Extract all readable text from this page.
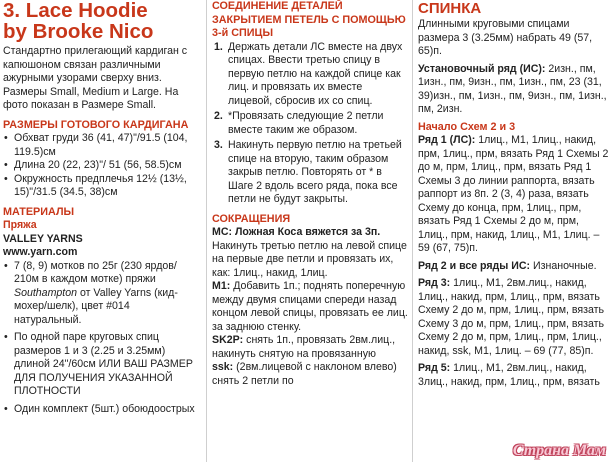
3. Lace Hoodie
by Brooke Nico

Стандартно прилегающий кардиган с капюшоном связан различными ажурными узорами сверху вниз. Размеры Small, Medium и Large. На фото показан в Размере Small.

РАЗМЕРЫ ГОТОВОГО КАРДИГАНА
• Обхват груди 36 (41, 47)"/91.5 (104, 119.5)см
• Длина 20 (22, 23)"/ 51 (56, 58.5)см
• Окружность предплечья 12½ (13½, 15)"/31.5 (34.5, 38)см
МАТЕРИАЛЫ
Пряжа
VALLEY YARNS
www.yarn.com
• 7 (8, 9) мотков по 25г (230 ярдов/ 210м в каждом мотке) пряжи Southampton от Valley Yarns (кид-мохер/шелк), цвет #014 натуральный.
• По одной паре круговых спиц размеров 1 и 3 (2.25 и 3.25мм) длиной 24"/60см ИЛИ ВАШ РАЗМЕР ДЛЯ ПОЛУЧЕНИЯ УКАЗАННОЙ ПЛОТНОСТИ
• Один комплект (5шт.) обоюдоострых
СОЕДИНЕНИЕ ДЕТАЛЕЙ ЗАКРЫТИЕМ ПЕТЕЛЬ С ПОМОЩЬЮ 3-й СПИЦЫ
1. Держать детали ЛС вместе на двух спицах. Ввести третью спицу в первую петлю на каждой спице как лиц. и провязать их вместе лицевой, сбросив их со спиц.
2. *Провязать следующие 2 петли вместе таким же образом.
3. Накинуть первую петлю на третьей спице на вторую, таким образом закрыв петлю. Повторять от * в Шаге 2 вдоль всего ряда, пока все петли не будут закрыты.
СОКРАЩЕНИЯ

МС: Ложная Коса вяжется за 3п. Накинуть третью петлю на левой спице на первые две петли и провязать их, как: 1лиц., накид, 1лиц.

М1: Добавить 1п.; поднять поперечную между двумя спицами спереди назад концом левой спицы, провязать ее лиц. за заднюю стенку.

SK2P: снять 1п., провязать 2вм.лиц., накинуть снятую на провязанную

ssk: (2вм.лицевой с наклоном влево) снять 2 петли по

СПИНКА

Длинными круговыми спицами размера 3 (3.25мм) набрать 49 (57, 65)п.

Установочный ряд (ИС): 2изн., пм, 1изн., пм, 9изн., пм, 1изн., пм, 23 (31, 39)изн., пм, 1изн., пм, 9изн., пм, 1изн., пм, 2изн.

Начало Схем 2 и 3

Ряд 1 (ЛС): 1лиц., М1, 1лиц., накид, прм, 1лиц., прм, вязать Ряд 1 Схемы 2 до м, прм, 1лиц., прм, вязать Ряд 1 Схемы 3 до линии раппорта, вязать раппорт из 8п. 2 (3, 4) раза, вязать Схему до конца, прм, 1лиц., прм, вязать Ряд 1 Схемы 2 до м, прм, 1лиц., прм, накид, 1лиц., М1, 1лиц. – 59 (67, 75)п.

Ряд 2 и все ряды ИС: Изнаночные.

Ряд 3: 1лиц., М1, 2вм.лиц., накид, 1лиц., накид, прм, 1лиц., прм, вязать Схему 2 до м, прм, 1лиц., прм, вязать Схему 3 до м, прм, 1лиц., прм, вязать Схему 2 до м, прм, 1лиц., прм, 1лиц., накид, ssk, M1, 1лиц. – 69 (77, 85)п.

Ряд 5: 1лиц., М1, 2вм.лиц., накид, 3лиц., накид, прм, 1лиц., прм, вязать

Страна Мам
